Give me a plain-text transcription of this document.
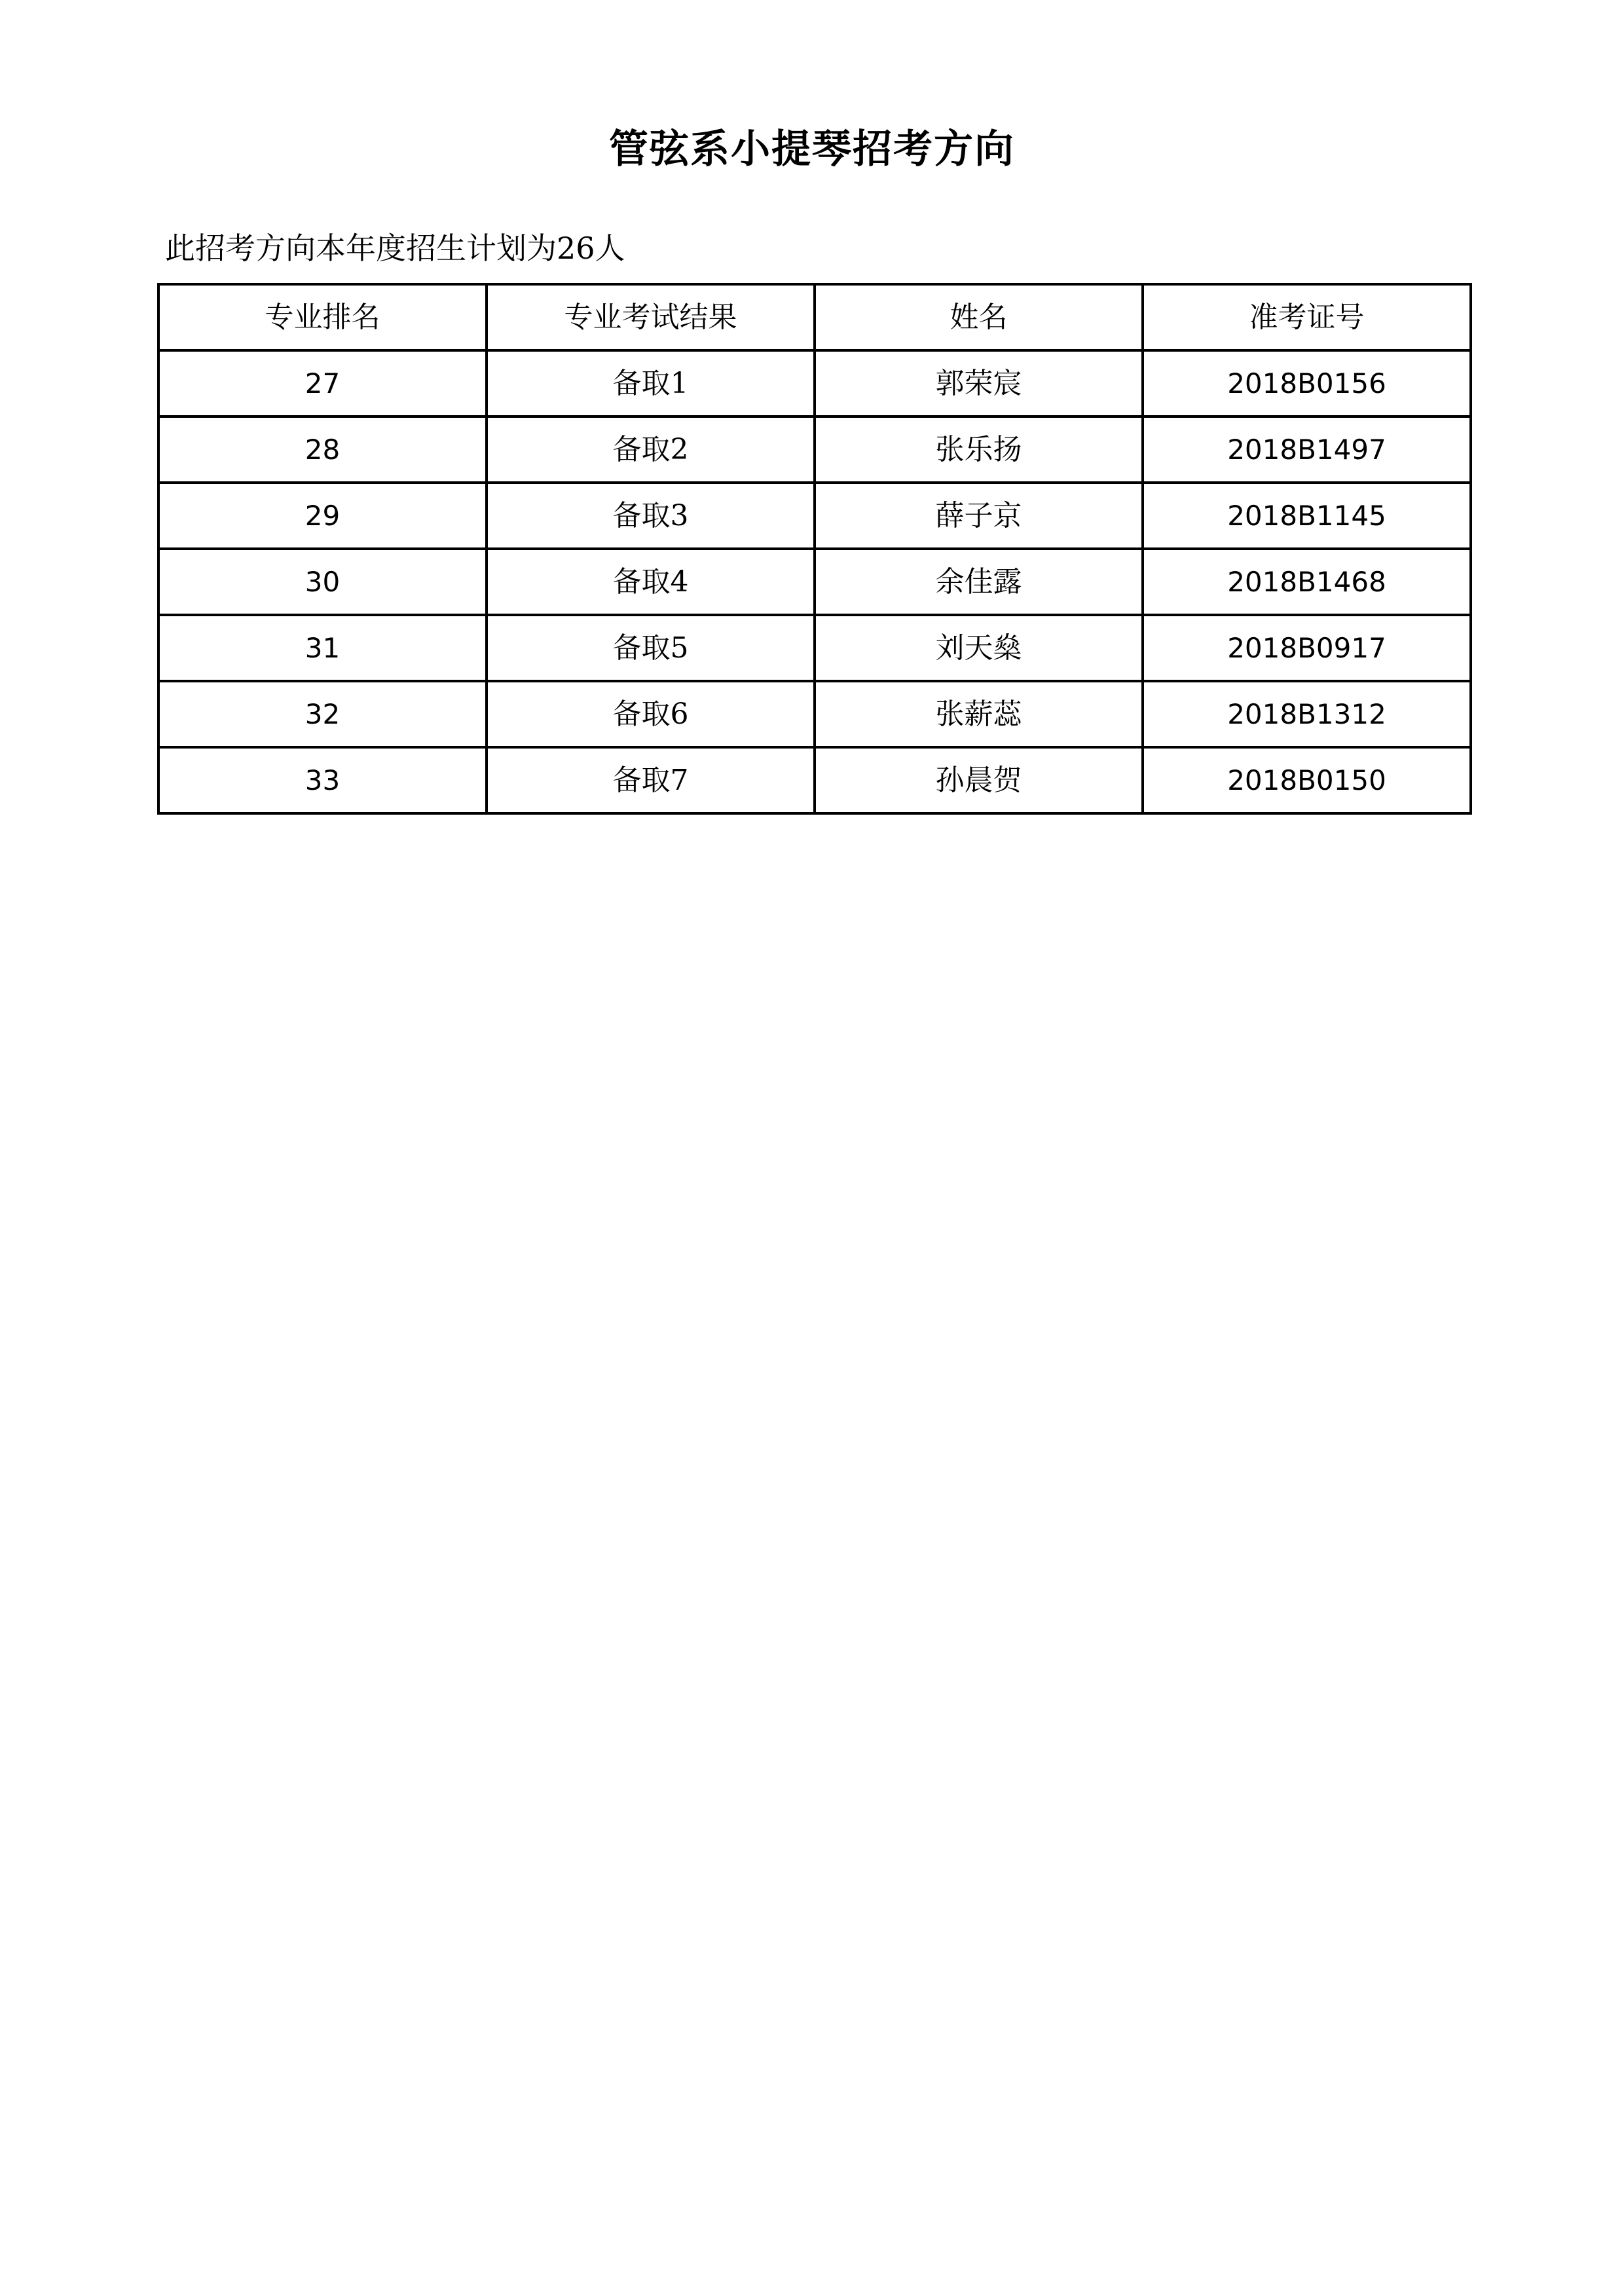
管弦系小提琴招考方向
此招考方向本年度招生计划为26人
专业排名	专业考试结果	姓名	准考证号
27	备取1	郭荣宸	2018B0156
28	备取2	张乐扬	2018B1497
29	备取3	薛子京	2018B1145
30	备取4	余佳露	2018B1468
31	备取5	刘天燊	2018B0917
32	备取6	张薪蕊	2018B1312
33	备取7	孙晨贺	2018B0150
